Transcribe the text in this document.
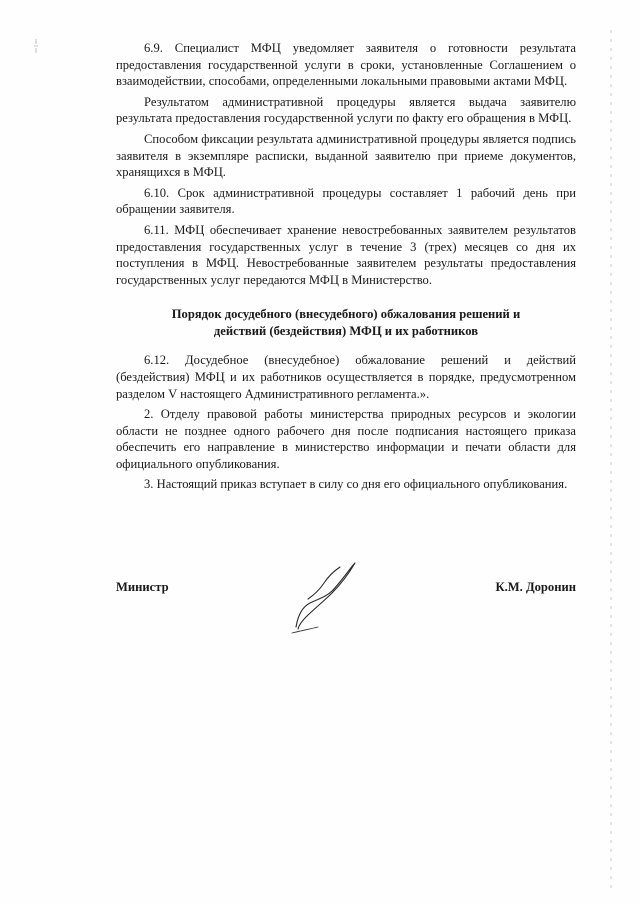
6.9. Специалист МФЦ уведомляет заявителя о готовности результата предоставления государственной услуги в сроки, установленные Соглашением о взаимодействии, способами, определенными локальными правовыми актами МФЦ.

Результатом административной процедуры является выдача заявителю результата предоставления государственной услуги по факту его обращения в МФЦ.

Способом фиксации результата административной процедуры является подпись заявителя в экземпляре расписки, выданной заявителю при приеме документов, хранящихся в МФЦ.

6.10. Срок административной процедуры составляет 1 рабочий день при обращении заявителя.

6.11. МФЦ обеспечивает хранение невостребованных заявителем результатов предоставления государственных услуг в течение 3 (трех) месяцев со дня их поступления в МФЦ. Невостребованные заявителем результаты предоставления государственных услуг передаются МФЦ в Министерство.

Порядок досудебного (внесудебного) обжалования решений и
действий (бездействия) МФЦ и их работников

6.12. Досудебное (внесудебное) обжалование решений и действий (бездействия) МФЦ и их работников осуществляется в порядке, предусмотренном разделом V настоящего Административного регламента.».

2. Отделу правовой работы министерства природных ресурсов и экологии области не позднее одного рабочего дня после подписания настоящего приказа обеспечить его направление в министерство информации и печати области для официального опубликования.

3. Настоящий приказ вступает в силу со дня его официального опубликования.

Министр	К.М. Доронин
